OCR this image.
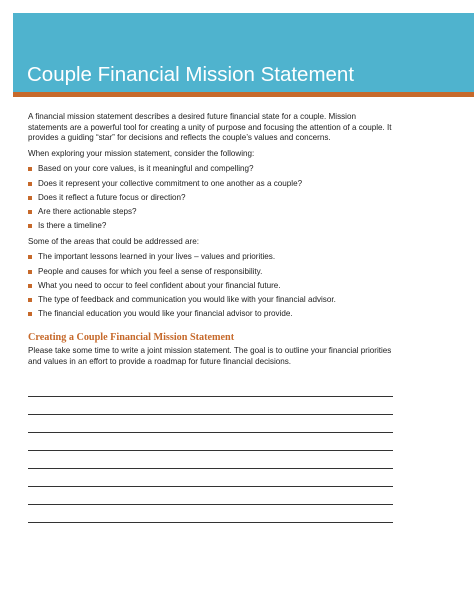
Couple Financial Mission Statement

A financial mission statement describes a desired future financial state for a couple. Mission statements are a powerful tool for creating a unity of purpose and focusing the attention of a couple. It provides a guiding “star” for decisions and reflects the couple’s values and concerns.

When exploring your mission statement, consider the following:

Based on your core values, is it meaningful and compelling?
Does it represent your collective commitment to one another as a couple?
Does it reflect a future focus or direction?
Are there actionable steps?
Is there a timeline?

Some of the areas that could be addressed are:

The important lessons learned in your lives – values and priorities.
People and causes for which you feel a sense of responsibility.
What you need to occur to feel confident about your financial future.
The type of feedback and communication you would like with your financial advisor.
The financial education you would like your financial advisor to provide.
Creating a Couple Financial Mission Statement

Please take some time to write a joint mission statement. The goal is to outline your financial priorities and values in an effort to provide a roadmap for future financial decisions.
